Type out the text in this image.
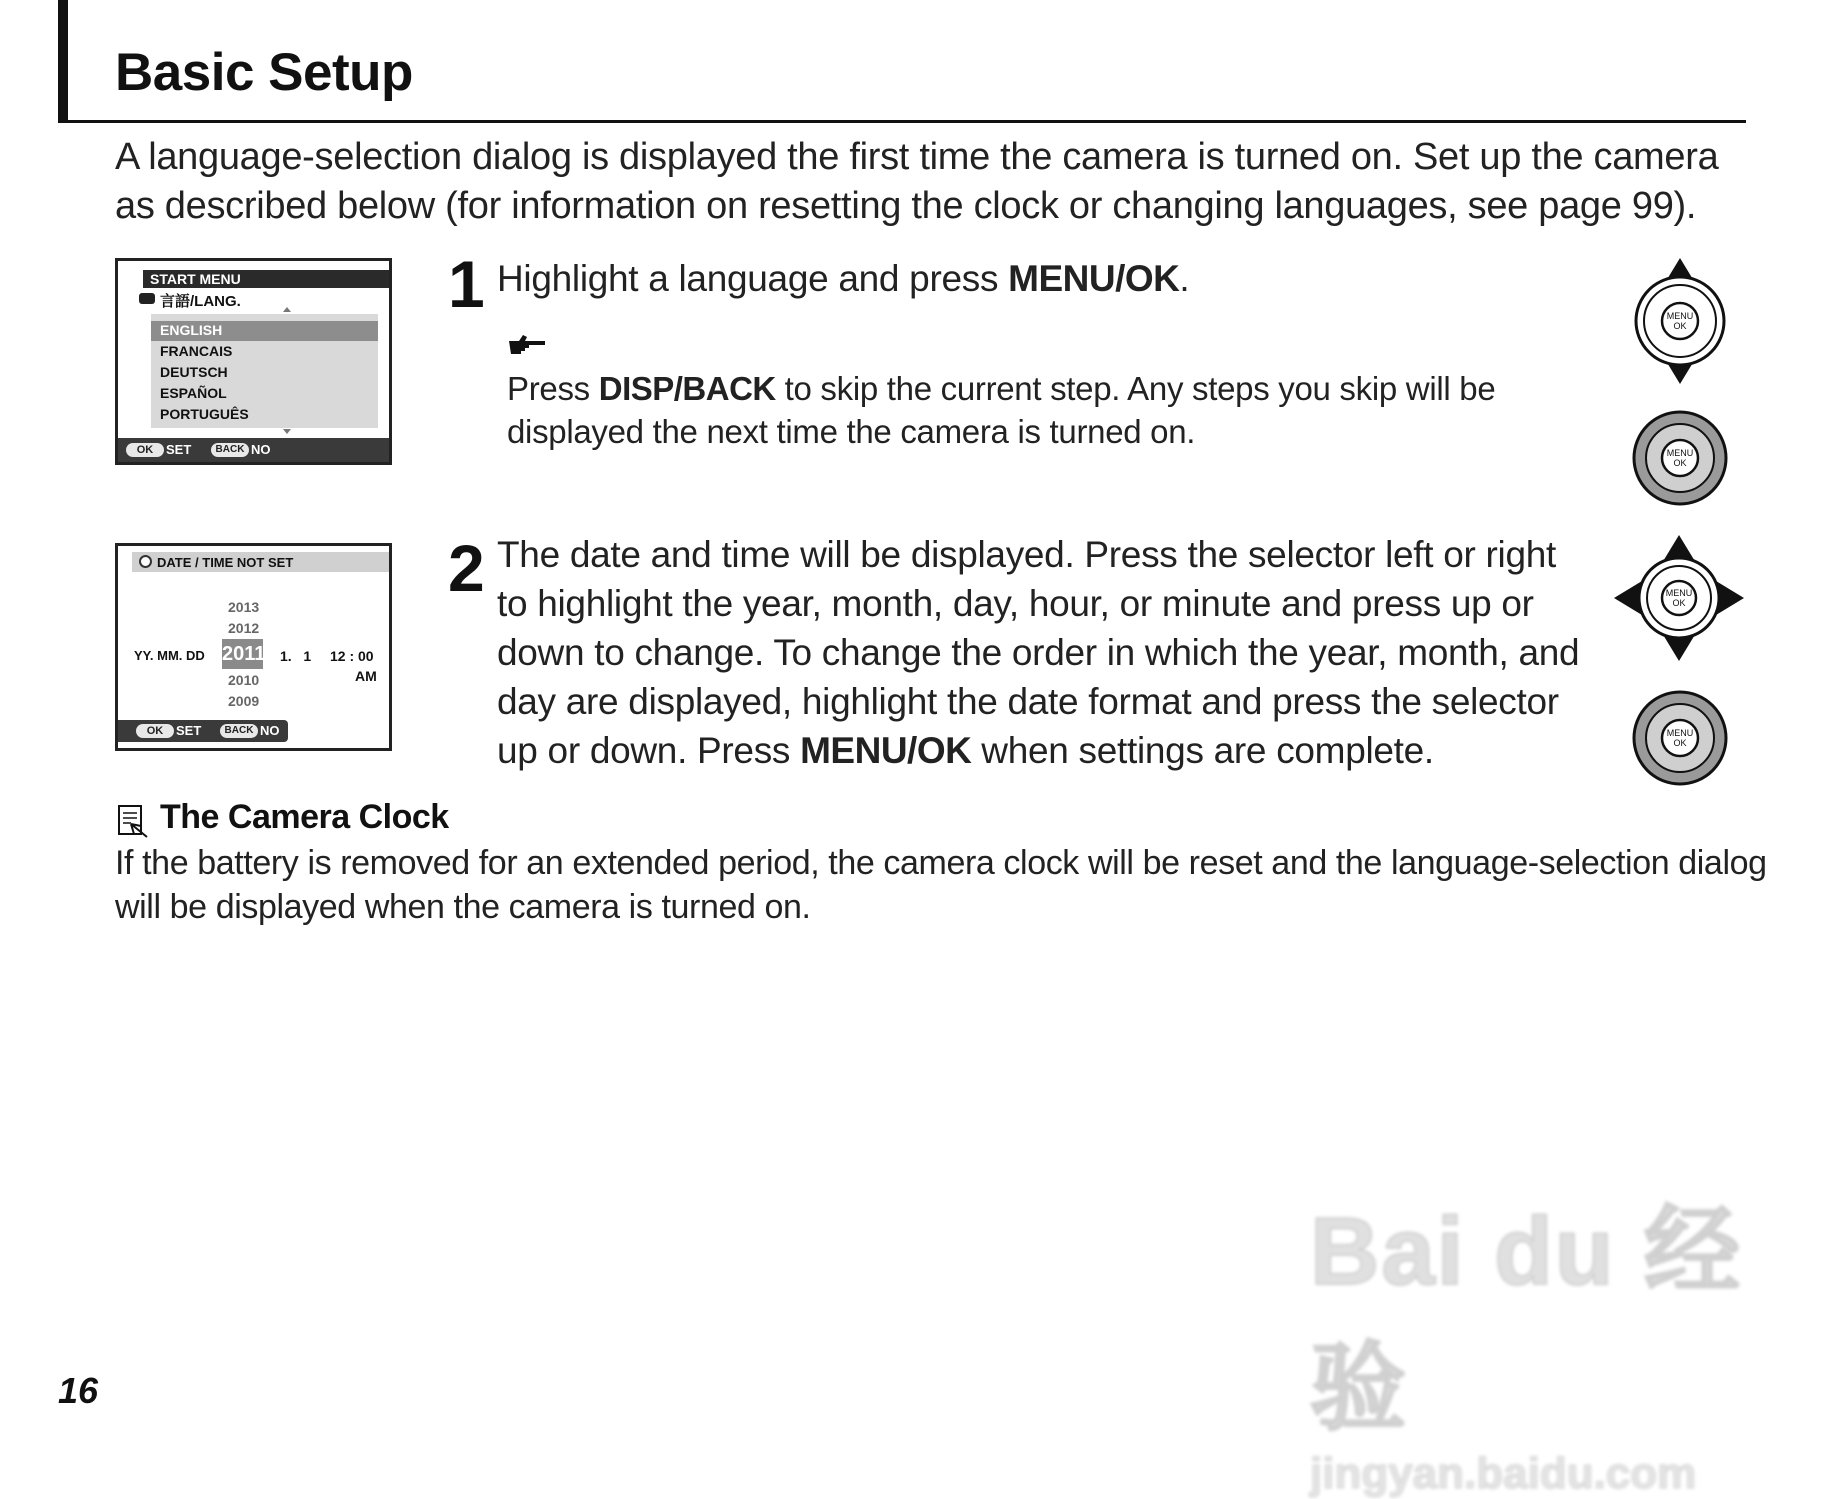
Basic Setup
A language-selection dialog is displayed the first time the camera is turned on. Set up the camera as described below (for information on resetting the clock or changing languages, see page 99).
START MENU
言語/LANG.
ENGLISH
FRANCAIS
DEUTSCH
ESPAÑOL
PORTUGUÊS
OK SET	BACK NO
1 Highlight a language and press MENU/OK.
Press DISP/BACK to skip the current step. Any steps you skip will be displayed the next time the camera is turned on.
MENU
OK
MENU
OK
DATE / TIME NOT SET
2013
2012
YY. MM. DD 2011 1.   1 12 : 00
AM
2010
2009
OK SET	BACK NO
2 The date and time will be displayed. Press the selector left or right to highlight the year, month, day, hour, or minute and press up or down to change. To change the order in which the year, month, and day are displayed, highlight the date format and press the selector up or down. Press MENU/OK when settings are complete.
MENU
OK
MENU
OK
The Camera Clock
If the battery is removed for an extended period, the camera clock will be reset and the language-selection dialog will be displayed when the camera is turned on.
16
Bai du 经验
jingyan.baidu.com
